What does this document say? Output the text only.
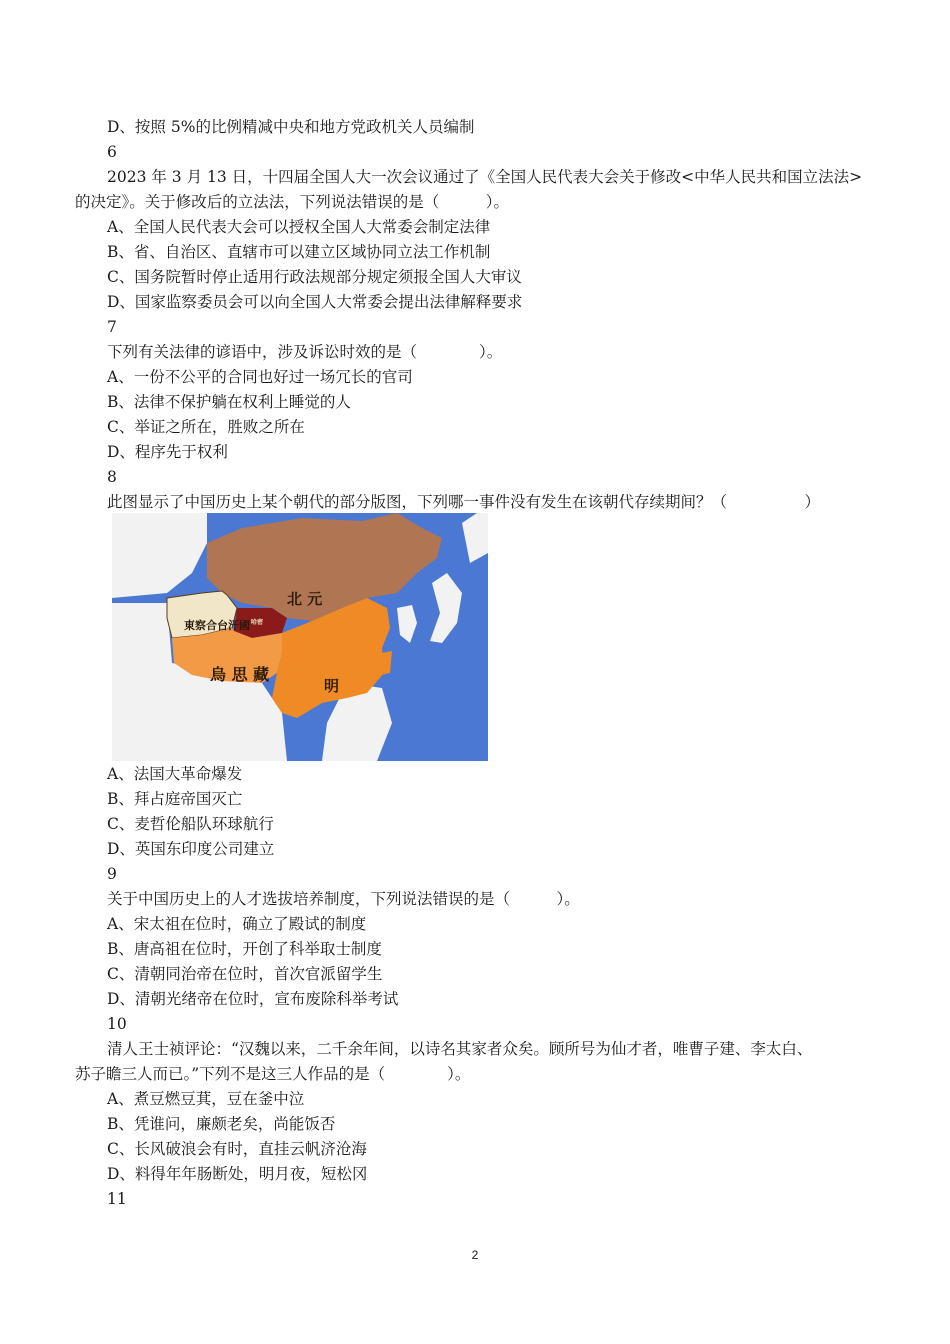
D、按照 5%的比例精减中央和地方党政机关人员编制
6
2023 年 3 月 13 日，十四届全国人大一次会议通过了《全国人民代表大会关于修改<中华人民共和国立法法>
的决定》。关于修改后的立法法，下列说法错误的是（　　　）。
A、全国人民代表大会可以授权全国人大常委会制定法律
B、省、自治区、直辖市可以建立区域协同立法工作机制
C、国务院暂时停止适用行政法规部分规定须报全国人大审议
D、国家监察委员会可以向全国人大常委会提出法律解释要求
7
下列有关法律的谚语中，涉及诉讼时效的是（　　　　）。
A、一份不公平的合同也好过一场冗长的官司
B、法律不保护躺在权利上睡觉的人
C、举证之所在，胜败之所在
D、程序先于权利
8
此图显示了中国历史上某个朝代的部分版图，下列哪一事件没有发生在该朝代存续期间？（　　　　　）
北 元
東察合台汗國 哈密
烏 思 藏
明
A、法国大革命爆发
B、拜占庭帝国灭亡
C、麦哲伦船队环球航行
D、英国东印度公司建立
9
关于中国历史上的人才选拔培养制度，下列说法错误的是（　　　）。
A、宋太祖在位时，确立了殿试的制度
B、唐高祖在位时，开创了科举取士制度
C、清朝同治帝在位时，首次官派留学生
D、清朝光绪帝在位时，宣布废除科举考试
10
清人王士祯评论：“汉魏以来，二千余年间，以诗名其家者众矣。顾所号为仙才者，唯曹子建、李太白、
苏子瞻三人而已。”下列不是这三人作品的是（　　　　）。
A、煮豆燃豆萁，豆在釜中泣
B、凭谁问，廉颇老矣，尚能饭否
C、长风破浪会有时，直挂云帆济沧海
D、料得年年肠断处，明月夜，短松冈
11
2
